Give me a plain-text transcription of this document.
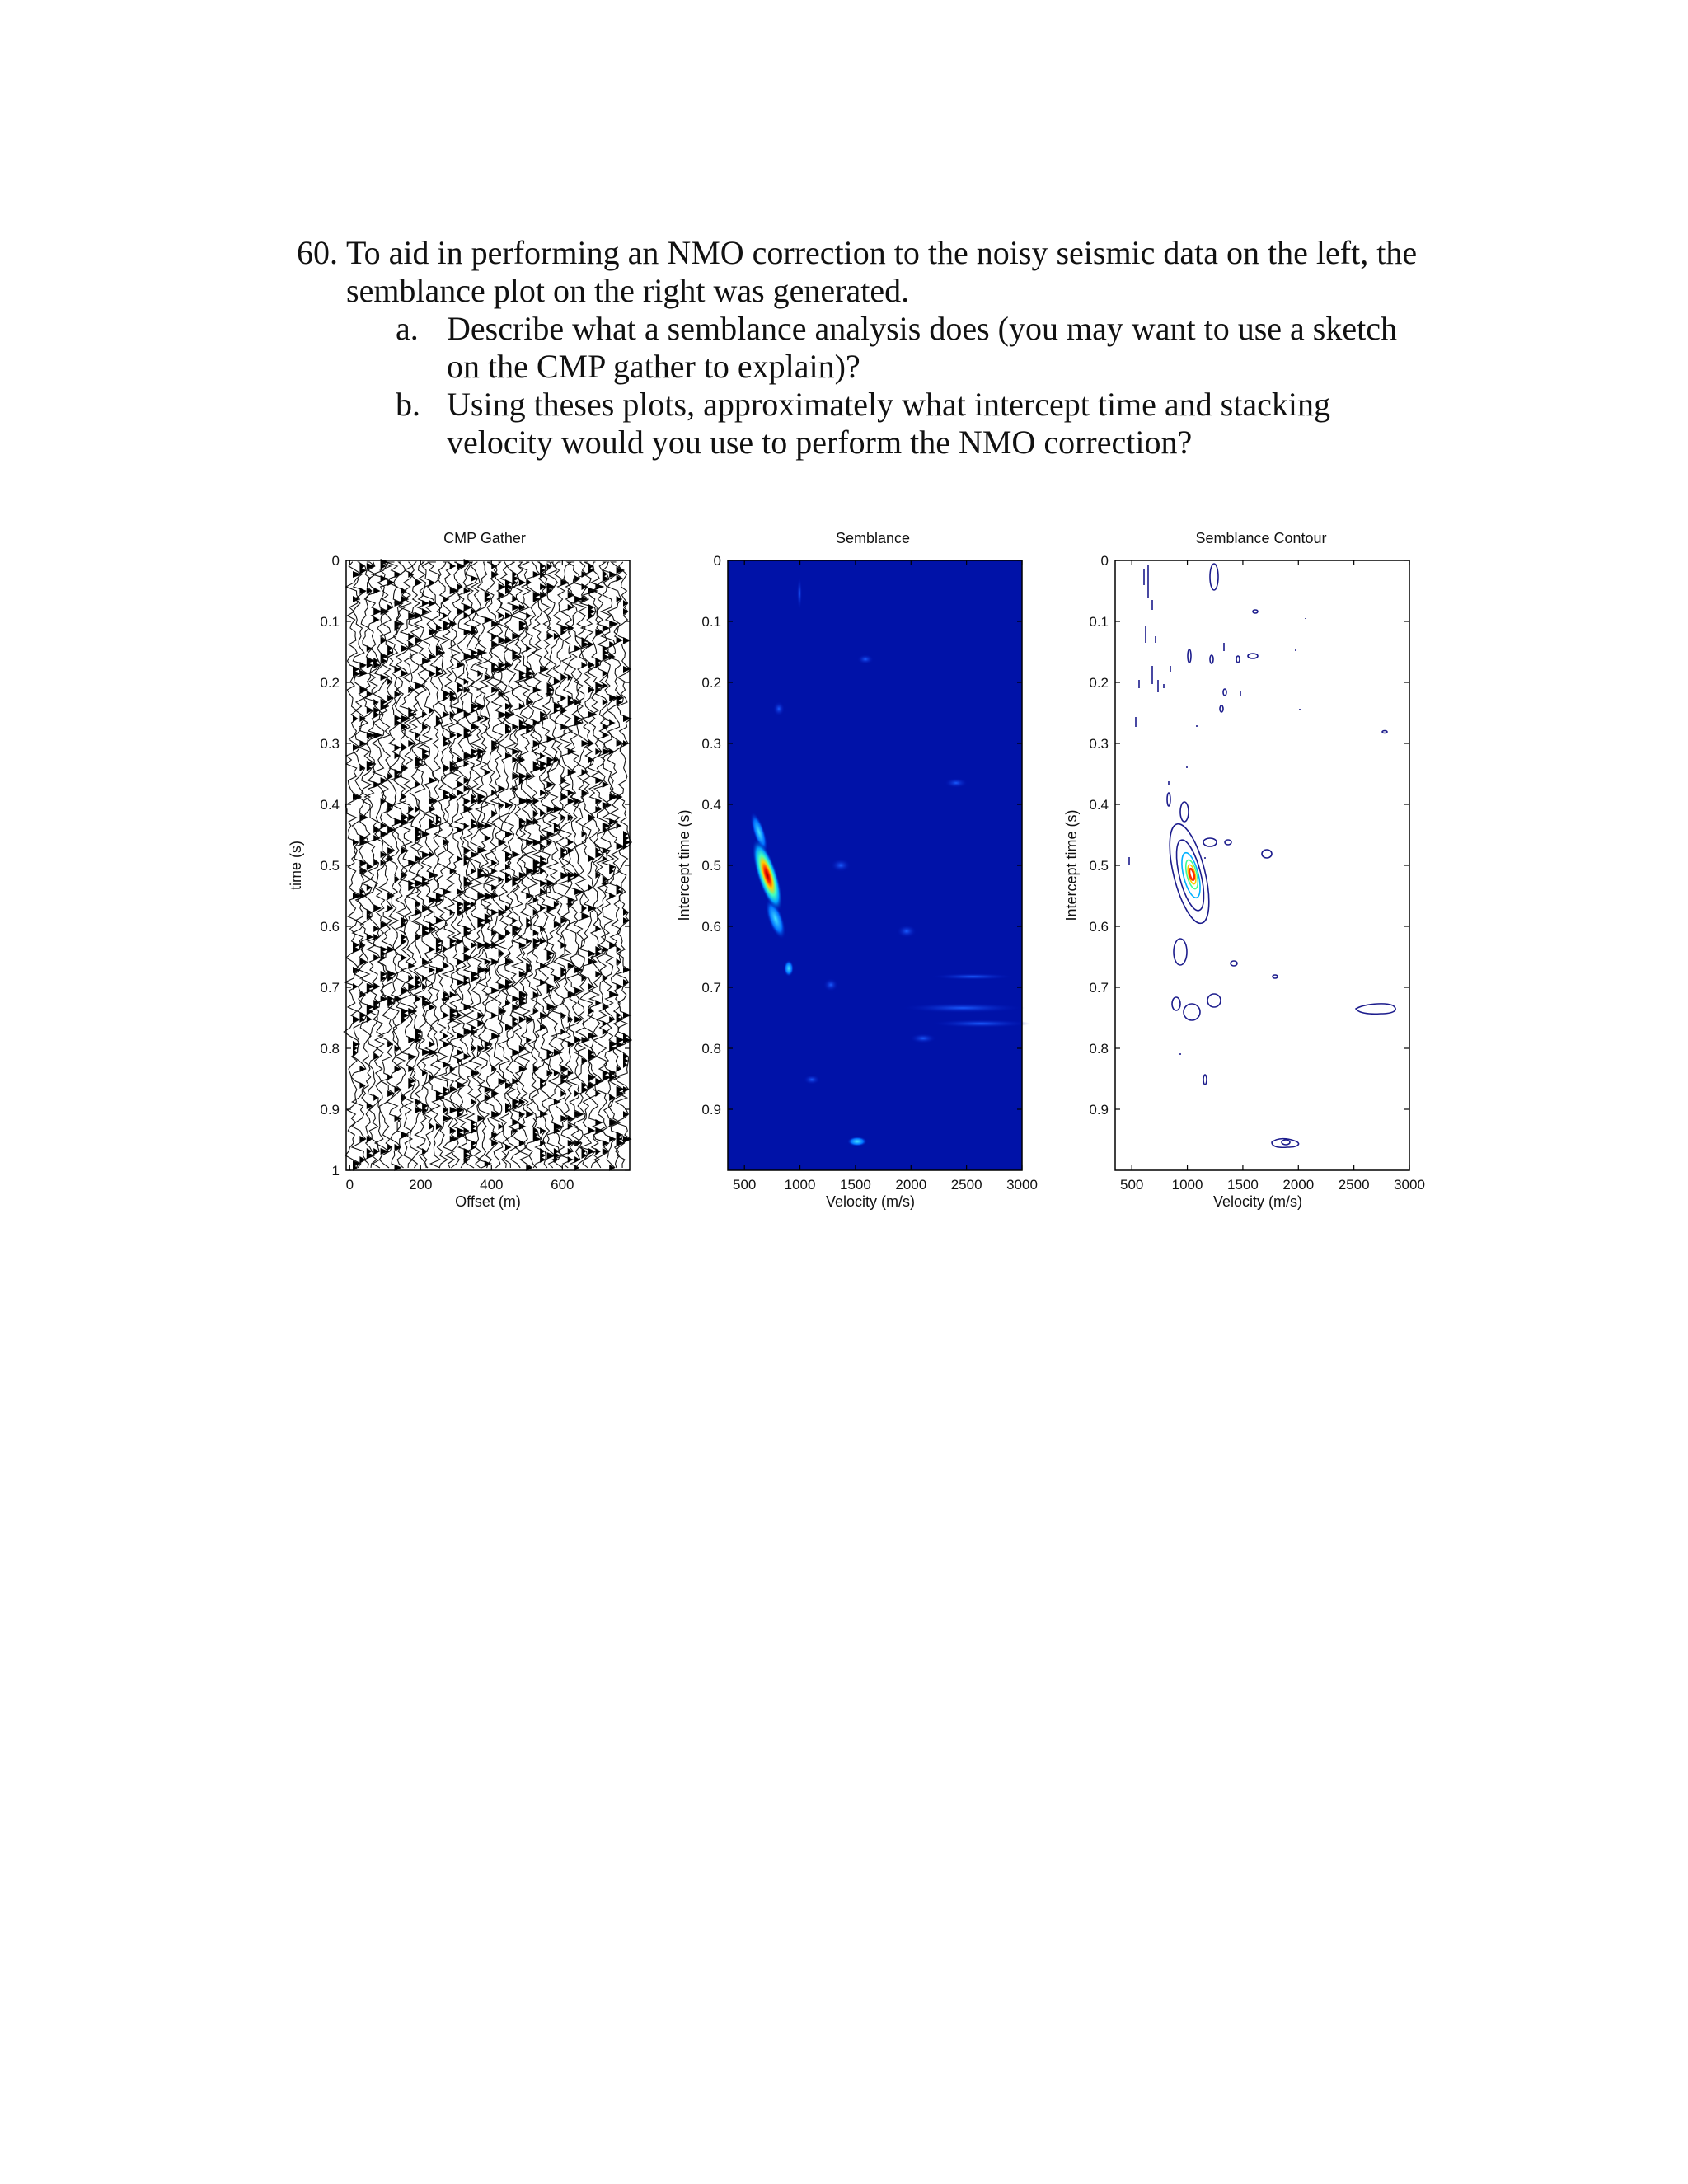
60. To aid in performing an NMO correction to the noisy seismic data on the left, the
semblance plot on the right was generated.
a. Describe what a semblance analysis does (you may want to use a sketch
on the CMP gather to explain)?
b. Using theses plots, approximately what intercept time and stacking
velocity would you use to perform the NMO correction?
CMP Gather
0
0.1
0.2
0.3
0.4
0.5
0.6
0.7
0.8
0.9
1
0	200	400	600
Offset (m)
time (s)
Semblance
0
0.1
0.2
0.3
0.4
0.5
0.6
0.7
0.8
0.9
500 1000 1500 2000 2500 3000
Velocity (m/s)
Intercept time (s)
Semblance Contour
0
0.1
0.2
0.3
0.4
0.5
0.6
0.7
0.8
0.9
500 1000 1500 2000 2500 3000
Velocity (m/s)
Intercept time (s)
